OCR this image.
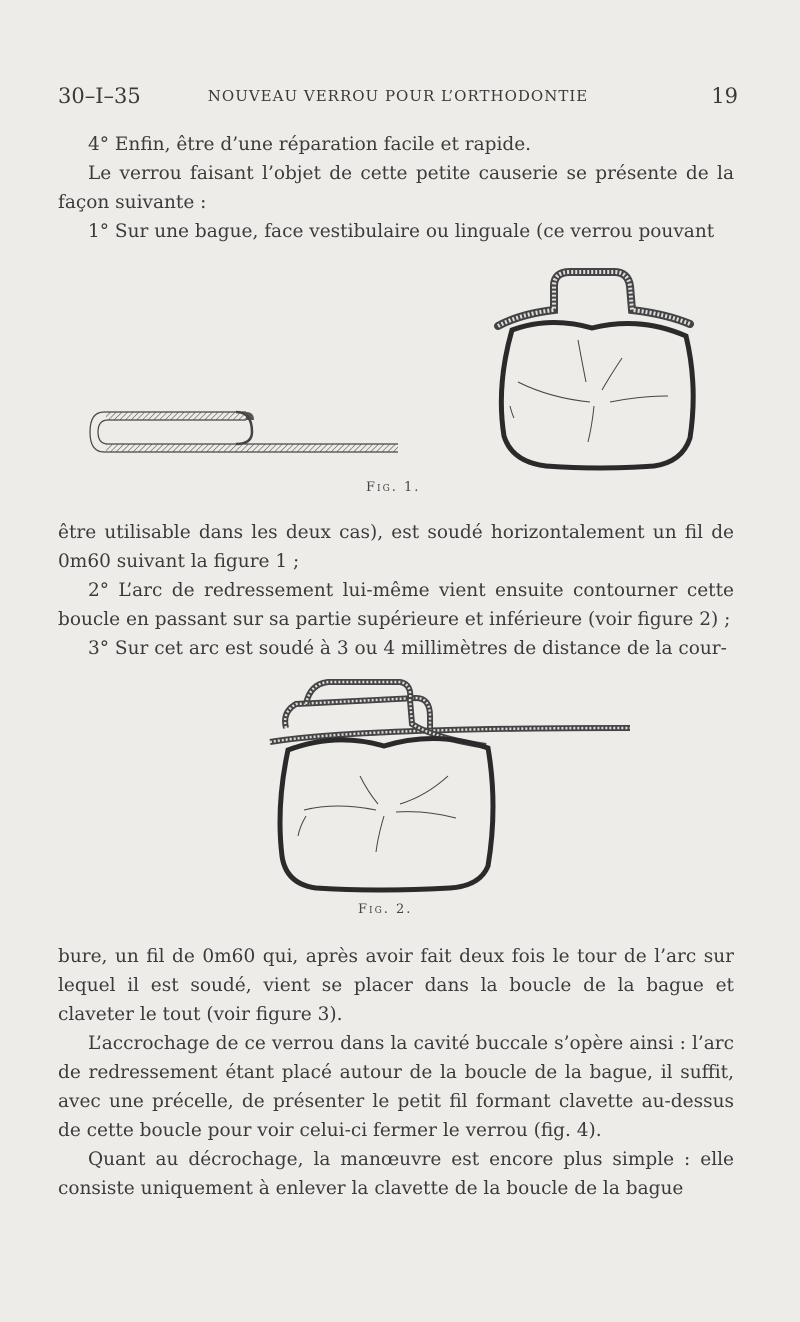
30–I–35	NOUVEAU VERROU POUR L’ORTHODONTIE	19

4° Enfin, être d’une réparation facile et rapide.

Le verrou faisant l’objet de cette petite causerie se présente de la façon suivante :

1° Sur une bague, face vestibulaire ou linguale (ce verrou pouvant

Fig. 1.

être utilisable dans les deux cas), est soudé horizontalement un fil de 0m60 suivant la figure 1 ;

2° L’arc de redressement lui-même vient ensuite contourner cette boucle en passant sur sa partie supérieure et inférieure (voir figure 2) ;

3° Sur cet arc est soudé à 3 ou 4 millimètres de distance de la cour-

Fig. 2.

bure, un fil de 0m60 qui, après avoir fait deux fois le tour de l’arc sur lequel il est soudé, vient se placer dans la boucle de la bague et claveter le tout (voir figure 3).

L’accrochage de ce verrou dans la cavité buccale s’opère ainsi : l’arc de redressement étant placé autour de la boucle de la bague, il suffit, avec une précelle, de présenter le petit fil formant clavette au-dessus de cette boucle pour voir celui-ci fermer le verrou (fig. 4).

Quant au décrochage, la manœuvre est encore plus simple : elle consiste uniquement à enlever la clavette de la boucle de la bague
